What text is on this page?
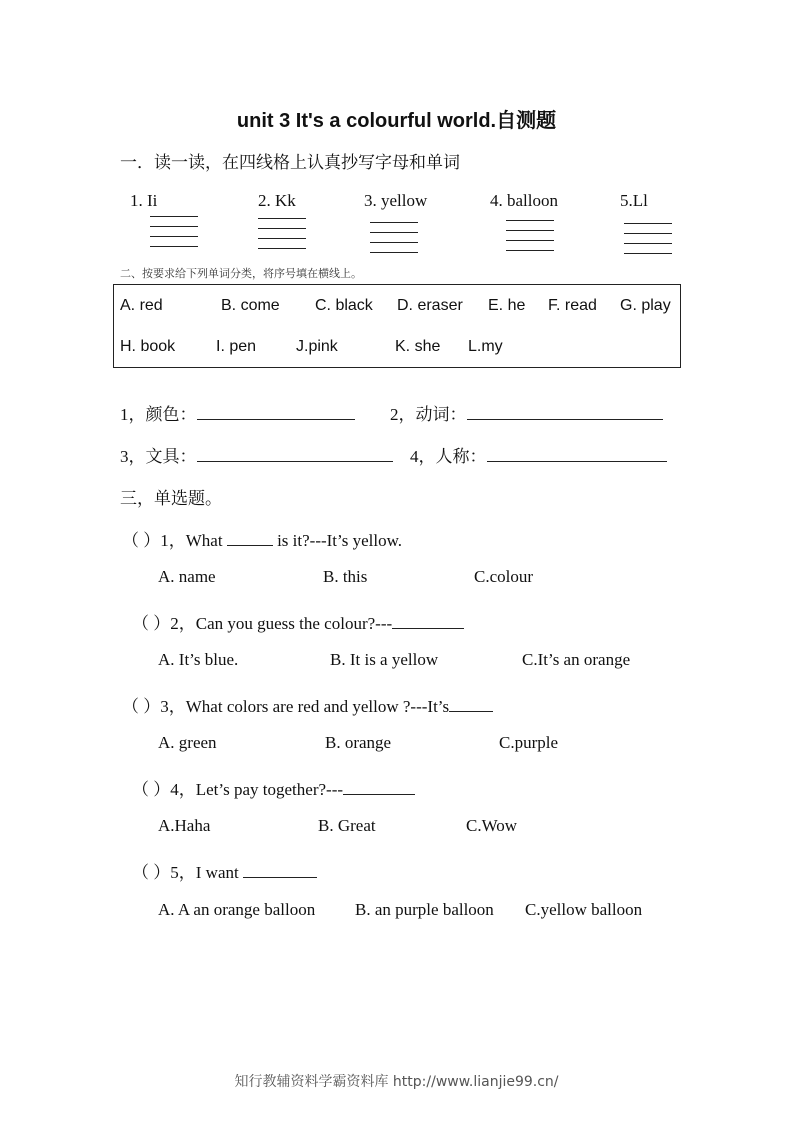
unit 3 It's a colourful world.自测题
一．读一读，在四线格上认真抄写字母和单词
1. Ii	2. Kk	3. yellow	4. balloon	5.Ll
二、按要求给下列单词分类，将序号填在横线上。
A. red	B. come C. black D. eraser E. he F. read G. play
H. book	I. pen J.pink	K. she L.my
1，颜色：	2，动词：
3，文具：	4，人称：
三，单选题。
（ ）1，What	is it?---It’s yellow.
A. name	B. this	C.colour
（ ）2，Can you guess the colour?---
A. It’s blue.	B. It is a yellow	C.It’s an orange
（ ）3，What colors are red and yellow ?---It’s
A. green	B. orange	C.purple
（ ）4，Let’s pay together?---
A.Haha	B. Great	C.Wow
（ ）5，I want
A. A an orange balloon B. an purple balloon C.yellow balloon
知行教辅资料学霸资料库 http://www.lianjie99.cn/
